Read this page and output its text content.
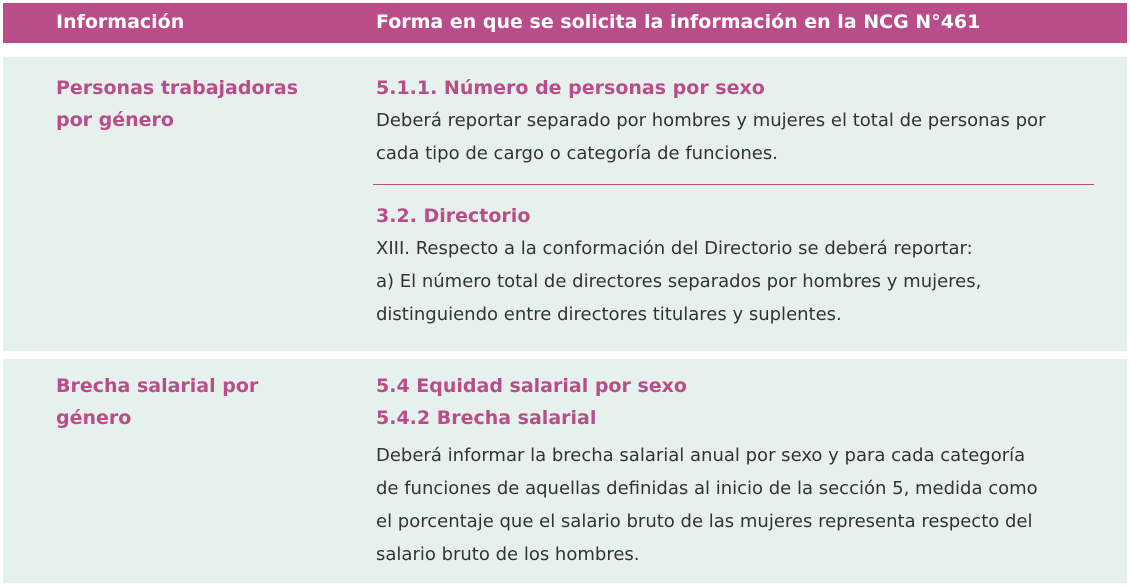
Información	Forma en que se solicita la información en la NCG N°461
Personas trabajadoras
por género
5.1.1. Número de personas por sexo

Deberá reportar separado por hombres y mujeres el total de personas por
cada tipo de cargo o categoría de funciones.

3.2. Directorio

XIII. Respecto a la conformación del Directorio se deberá reportar:
a) El número total de directores separados por hombres y mujeres,
distinguiendo entre directores titulares y suplentes.

Brecha salarial por género
5.4 Equidad salarial por sexo
5.4.2 Brecha salarial

Deberá informar la brecha salarial anual por sexo y para cada categoría
de funciones de aquellas definidas al inicio de la sección 5, medida como
el porcentaje que el salario bruto de las mujeres representa respecto del
salario bruto de los hombres.
